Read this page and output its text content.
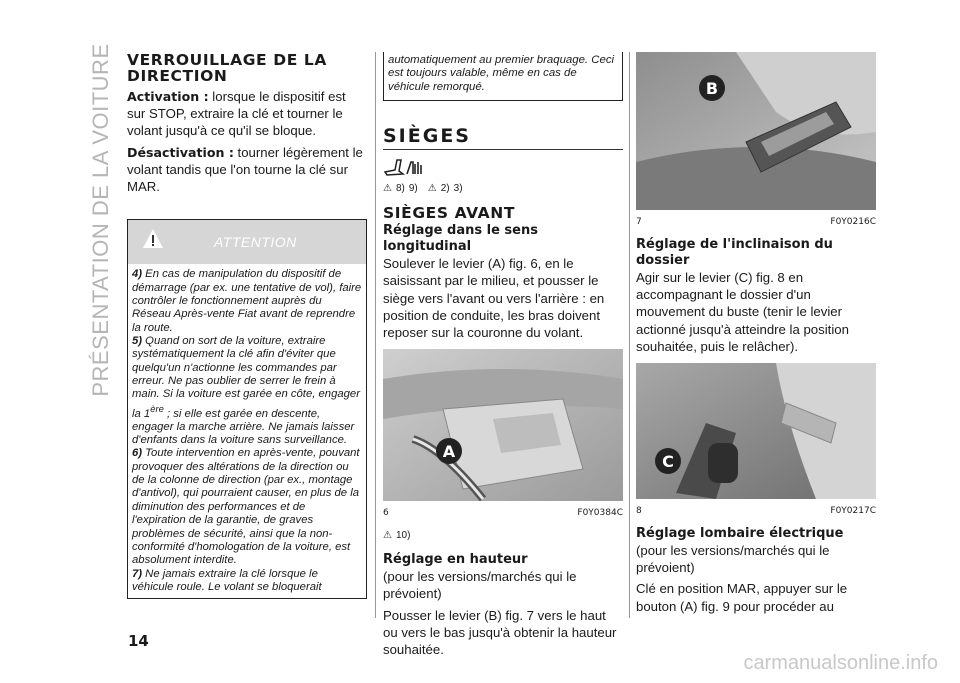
PRÉSENTATION DE LA VOITURE VERROUILLAGE DE LA DIRECTION

Activation : lorsque le dispositif est sur STOP, extraire la clé et tourner le volant jusqu'à ce qu'il se bloque.

Désactivation : tourner légèrement le volant tandis que l'on tourne la clé sur MAR.

ATTENTION
4) En cas de manipulation du dispositif de démarrage (par ex. une tentative de vol), faire contrôler le fonctionnement auprès du Réseau Après-vente Fiat avant de reprendre la route.
5) Quand on sort de la voiture, extraire systématiquement la clé afin d'éviter que quelqu'un n'actionne les commandes par erreur. Ne pas oublier de serrer le frein à main. Si la voiture est garée en côte, engager la 1ère ; si elle est garée en descente, engager la marche arrière. Ne jamais laisser d'enfants dans la voiture sans surveillance.
6) Toute intervention en après-vente, pouvant provoquer des altérations de la direction ou de la colonne de direction (par ex., montage d'antivol), qui pourraient causer, en plus de la diminution des performances et de l'expiration de la garantie, de graves problèmes de sécurité, ainsi que la non-conformité d'homologation de la voiture, est absolument interdite.
7) Ne jamais extraire la clé lorsque le véhicule roule. Le volant se bloquerait
automatiquement au premier braquage. Ceci est toujours valable, même en cas de véhicule remorqué.
SIÈGES
⚠ 8) 9) ⚠ 2) 3)
SIÈGES AVANT
Réglage dans le sens longitudinal

Soulever le levier (A) fig. 6, en le saisissant par le milieu, et pousser le siège vers l'avant ou vers l'arrière : en position de conduite, les bras doivent reposer sur la couronne du volant.

A
6	F0Y0384C
⚠ 10)
Réglage en hauteur

(pour les versions/marchés qui le prévoient)

Pousser le levier (B) fig. 7 vers le haut ou vers le bas jusqu'à obtenir la hauteur souhaitée.

B
7	F0Y0216C
Réglage de l'inclinaison du dossier

Agir sur le levier (C) fig. 8 en accompagnant le dossier d'un mouvement du buste (tenir le levier actionné jusqu'à atteindre la position souhaitée, puis le relâcher).

C
8	F0Y0217C
Réglage lombaire électrique

(pour les versions/marchés qui le prévoient)

Clé en position MAR, appuyer sur le bouton (A) fig. 9 pour procéder au

14
carmanualsonline.info
